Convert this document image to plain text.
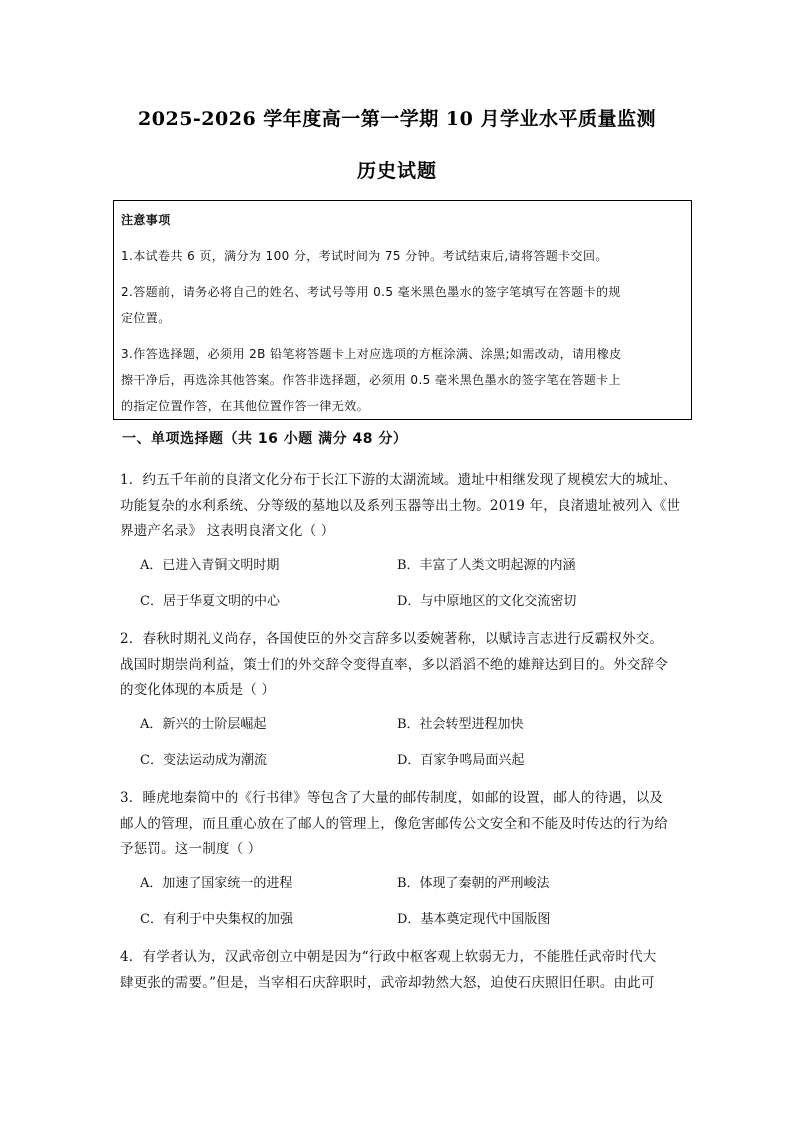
2025-2026 学年度高一第一学期 10 月学业水平质量监测
历史试题
注意事项
1.本试卷共 6 页，满分为 100 分，考试时间为 75 分钟。考试结束后,请将答题卡交回。
2.答题前，请务必将自己的姓名、考试号等用 0.5 毫米黑色墨水的签字笔填写在答题卡的规
定位置。
3.作答选择题，必须用 2B 铅笔将答题卡上对应选项的方框涂满、涂黑;如需改动，请用橡皮
擦干净后，再选涂其他答案。作答非选择题，必须用 0.5 毫米黑色墨水的签字笔在答题卡上
的指定位置作答，在其他位置作答一律无效。
一、单项选择题（共 16 小题 满分 48 分）
1．约五千年前的良渚文化分布于长江下游的太湖流域。遗址中相继发现了规模宏大的城址、
功能复杂的水利系统、分等级的墓地以及系列玉器等出土物。2019 年，良渚遗址被列入《世
界遗产名录》 这表明良渚文化（ ）
A．已进入青铜文明时期	B．丰富了人类文明起源的内涵
C．居于华夏文明的中心	D．与中原地区的文化交流密切
2．春秋时期礼义尚存，各国使臣的外交言辞多以委婉著称，以赋诗言志进行反霸权外交。
战国时期崇尚利益，策士们的外交辞令变得直率，多以滔滔不绝的雄辩达到目的。外交辞令
的变化体现的本质是（ ）
A．新兴的士阶层崛起	B．社会转型进程加快
C．变法运动成为潮流	D．百家争鸣局面兴起
3．睡虎地秦简中的《行书律》等包含了大量的邮传制度，如邮的设置，邮人的待遇，以及
邮人的管理，而且重心放在了邮人的管理上，像危害邮传公文安全和不能及时传达的行为给
予惩罚。这一制度（ ）
A．加速了国家统一的进程	B．体现了秦朝的严刑峻法
C．有利于中央集权的加强	D．基本奠定现代中国版图
4．有学者认为，汉武帝创立中朝是因为“行政中枢客观上软弱无力，不能胜任武帝时代大
肆更张的需要。”但是，当宰相石庆辞职时，武帝却勃然大怒，迫使石庆照旧任职。由此可
